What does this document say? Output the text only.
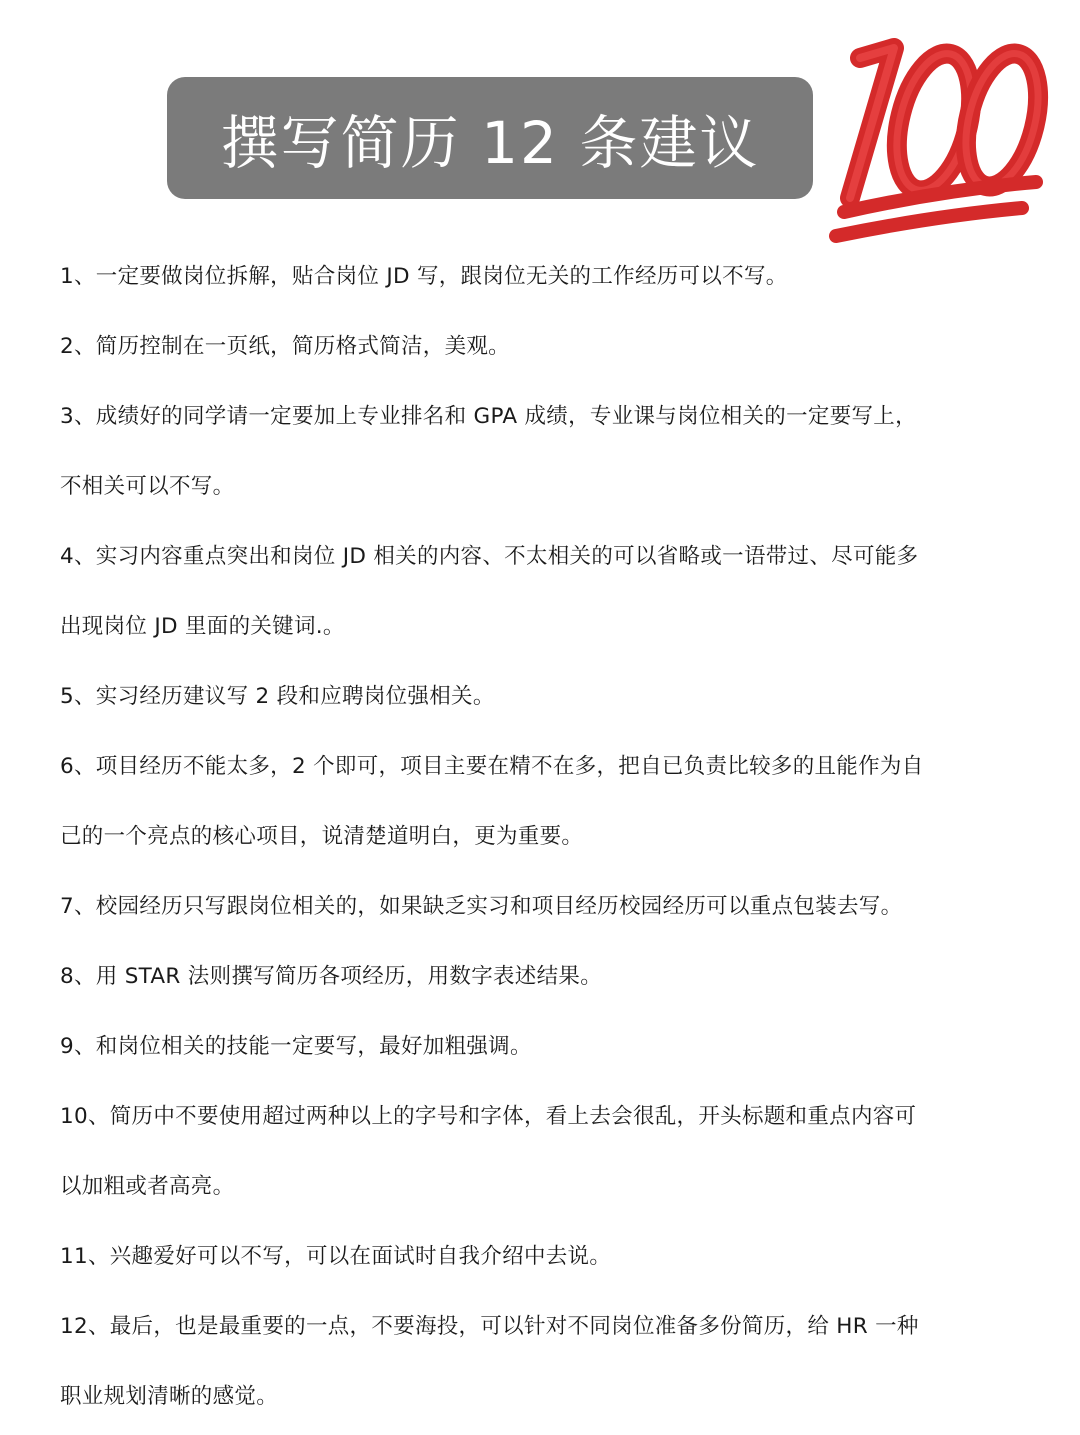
撰写简历 12 条建议
1、一定要做岗位拆解，贴合岗位 JD 写，跟岗位无关的工作经历可以不写。
2、简历控制在一页纸，简历格式简洁，美观。
3、成绩好的同学请一定要加上专业排名和 GPA 成绩，专业课与岗位相关的一定要写上，
不相关可以不写。
4、实习内容重点突出和岗位 JD 相关的内容、不太相关的可以省略或一语带过、尽可能多
出现岗位 JD 里面的关键词.。
5、实习经历建议写 2 段和应聘岗位强相关。
6、项目经历不能太多，2 个即可，项目主要在精不在多，把自已负责比较多的且能作为自
己的一个亮点的核心项目，说清楚道明白，更为重要。
7、校园经历只写跟岗位相关的，如果缺乏实习和项目经历校园经历可以重点包装去写。
8、用 STAR 法则撰写简历各项经历，用数字表述结果。
9、和岗位相关的技能一定要写，最好加粗强调。
10、简历中不要使用超过两种以上的字号和字体，看上去会很乱，开头标题和重点内容可
以加粗或者高亮。
11、兴趣爱好可以不写，可以在面试时自我介绍中去说。
12、最后，也是最重要的一点，不要海投，可以针对不同岗位准备多份简历，给 HR 一种
职业规划清晰的感觉。
